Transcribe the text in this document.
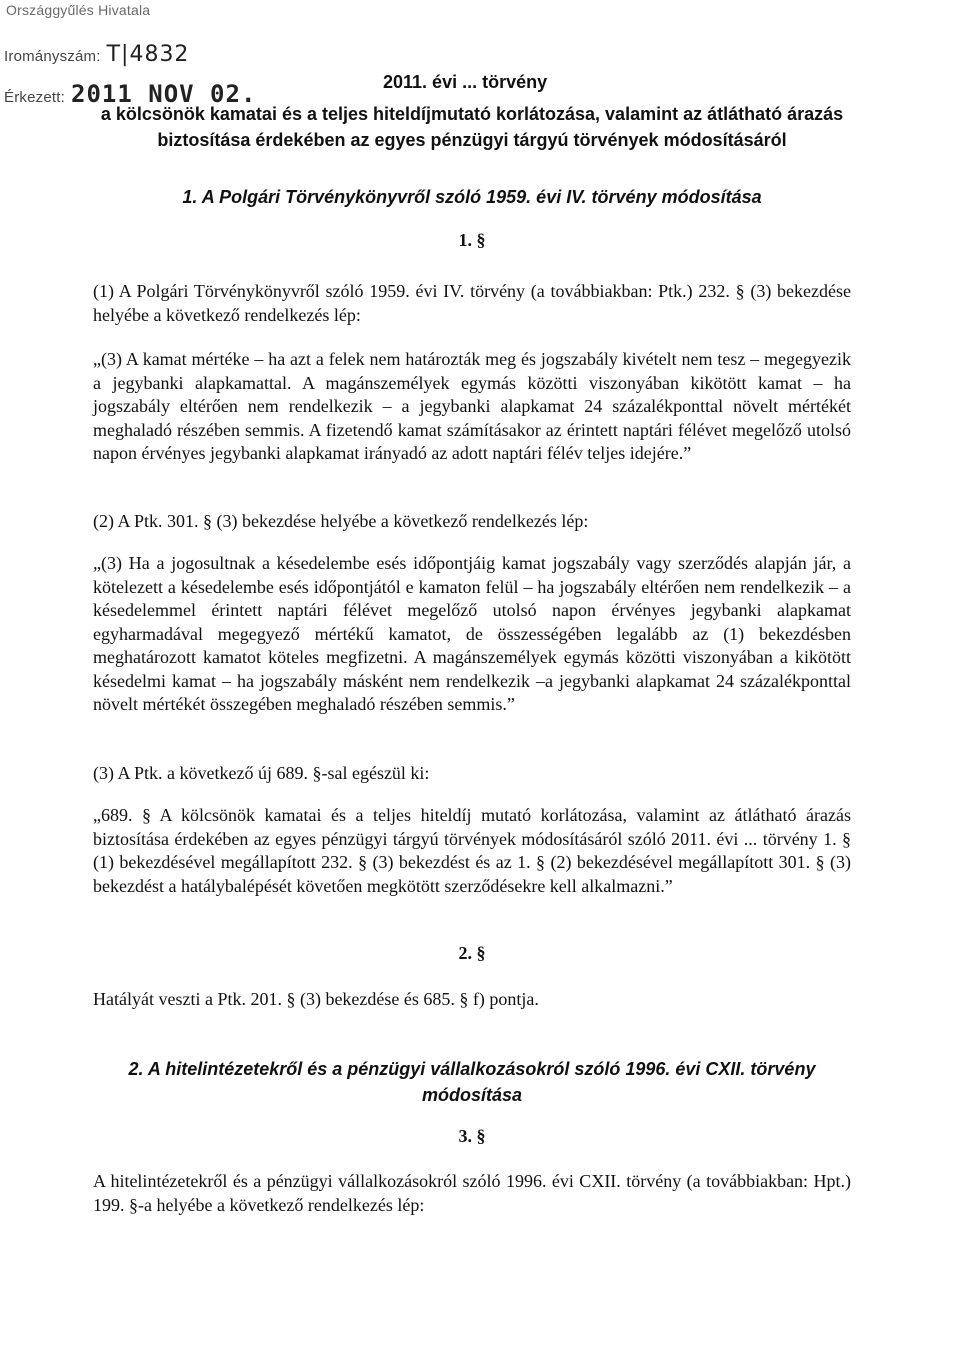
Országgyűlés Hivatala
Irományszám: T|4832
Érkezett: 2011 NOV 02.	2011. évi ... törvény
a kölcsönök kamatai és a teljes hiteldíjmutató korlátozása, valamint az átlátható árazás
biztosítása érdekében az egyes pénzügyi tárgyú törvények módosításáról
1. A Polgári Törvénykönyvről szóló 1959. évi IV. törvény módosítása
1. §
(1) A Polgári Törvénykönyvről szóló 1959. évi IV. törvény (a továbbiakban: Ptk.) 232. § (3) bekezdése helyébe a következő rendelkezés lép:
„(3) A kamat mértéke – ha azt a felek nem határozták meg és jogszabály kivételt nem tesz – megegyezik a jegybanki alapkamattal. A magánszemélyek egymás közötti viszonyában kikötött kamat – ha jogszabály eltérően nem rendelkezik – a jegybanki alapkamat 24 százalékponttal növelt mértékét meghaladó részében semmis. A fizetendő kamat számításakor az érintett naptári félévet megelőző utolsó napon érvényes jegybanki alapkamat irányadó az adott naptári félév teljes idejére.”
(2) A Ptk. 301. § (3) bekezdése helyébe a következő rendelkezés lép:
„(3) Ha a jogosultnak a késedelembe esés időpontjáig kamat jogszabály vagy szerződés alapján jár, a kötelezett a késedelembe esés időpontjától e kamaton felül – ha jogszabály eltérően nem rendelkezik – a késedelemmel érintett naptári félévet megelőző utolsó napon érvényes jegybanki alapkamat egyharmadával megegyező mértékű kamatot, de összességében legalább az (1) bekezdésben meghatározott kamatot köteles megfizetni. A magánszemélyek egymás közötti viszonyában a kikötött késedelmi kamat – ha jogszabály másként nem rendelkezik –a jegybanki alapkamat 24 százalékponttal növelt mértékét összegében meghaladó részében semmis.”
(3) A Ptk. a következő új 689. §-sal egészül ki:
„689. § A kölcsönök kamatai és a teljes hiteldíj mutató korlátozása, valamint az átlátható árazás biztosítása érdekében az egyes pénzügyi tárgyú törvények módosításáról szóló 2011. évi ... törvény 1. § (1) bekezdésével megállapított 232. § (3) bekezdést és az 1. § (2) bekezdésével megállapított 301. § (3) bekezdést a hatálybalépését követően megkötött szerződésekre kell alkalmazni.”
2. §
Hatályát veszti a Ptk. 201. § (3) bekezdése és 685. § f) pontja.
2. A hitelintézetekről és a pénzügyi vállalkozásokról szóló 1996. évi CXII. törvény
módosítása
3. §
A hitelintézetekről és a pénzügyi vállalkozásokról szóló 1996. évi CXII. törvény (a továbbiakban: Hpt.) 199. §-a helyébe a következő rendelkezés lép:
